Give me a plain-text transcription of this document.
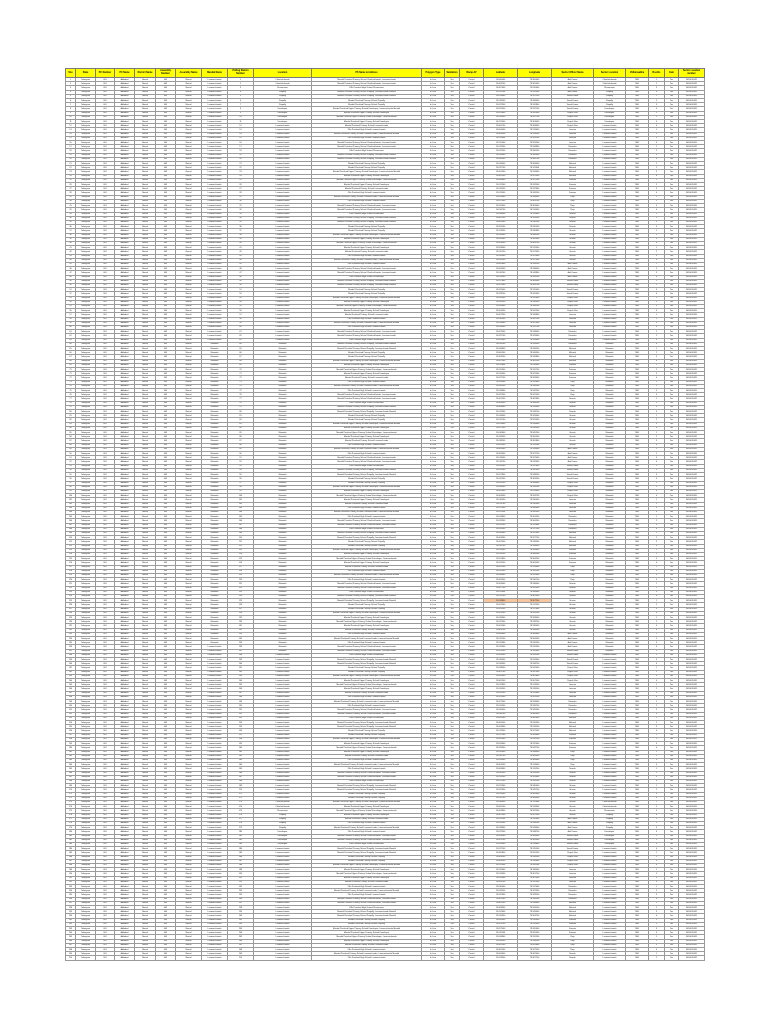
Sno	State	PC Number	PC Name	District Name	Assembly Number	Assembly Name	Mandal Name	Polling Station Number	Location	PS Name & Address	Polygon Type	Sanitation	Ramp AV	Latitude	Longitude	Sector Officer Name	Sector Location	Vidhansabha	Booths	Cam	Sector Location number
1	Telangana	001	Adilabad	Nirmal	003	Nirmal	Laxmanchanda	1	Chinthalchanda	Mandal Parishad Primary School Chinthalchanda, Laxmanchanda	In Line	Yes	Partial	19.000000	78.300000	Anil Kumar	Chinthalchanda	7601	1	Yes	9490619431
2	Telangana	001	Adilabad	Nirmal	003	Nirmal	Laxmanchanda	2	Chinthalchanda	Mandal Parishad Primary School Chinthalchanda, Laxmanchanda	In Line	Yes	Partial	19.003700	78.305300	Anil Kumar	Chinthalchanda	7601	2	Yes	9490619431
3	Telangana	001	Adilabad	Nirmal	003	Nirmal	Laxmanchanda	3	Dharmaram	Zilla Parishad High School Dharmaram	In Line	Yes	Partial	19.007400	78.310600	Anil Kumar	Dharmaram	7601	3	Yes	9490619431
4	Telangana	001	Adilabad	Nirmal	003	Nirmal	Laxmanchanda	4	Potpally	Mandal Parishad Primary School Potpally, Laxmanchanda Mandal	In Line	Yes	Partial	19.011100	78.315900	Anil Kumar	Potpally	7601	4	Yes	9490619431
5	Telangana	001	Adilabad	Nirmal	003	Nirmal	Laxmanchanda	5	Potpally	Mandal Parishad Primary School Potpally, Laxmanchanda Mandal	In Line	Yes	Partial	19.014800	78.321200	Vinod Kumar	Potpally	7601	1	Yes	9490619431
6	Telangana	001	Adilabad	Nirmal	003	Nirmal	Laxmanchanda	6	Potpally	Mandal Parishad Primary School Potpally	In Line	Yes	Partial	19.018500	78.326500	Vinod Kumar	Potpally	7601	2	Yes	9490619431
7	Telangana	001	Adilabad	Nirmal	003	Nirmal	Laxmanchanda	7	Potpally	Mandal Parishad Primary School Potpally	In Line	Yes	Partial	19.022200	78.331800	Vinod Kumar	Potpally	7601	3	Yes	9490619431
8	Telangana	001	Adilabad	Nirmal	003	Nirmal	Laxmanchanda	8	Kanakapur	Mandal Parishad Upper Primary School Kanakapur, Laxmanchanda Mandal	In Line	Yes	Partial	19.025900	78.337100	Vinod Kumar	Kanakapur	7601	4	Yes	9490619431
9	Telangana	001	Adilabad	Nirmal	003	Nirmal	Laxmanchanda	9	Kanakapur	Mandal Parishad Upper Primary School Kanakapur	In Line	Yes	Partial	19.029600	78.342400	Rajesh Rao	Kanakapur	7601	1	Yes	9490619431
10	Telangana	001	Adilabad	Nirmal	003	Nirmal	Laxmanchanda	10	Kanakapur	Mandal Parishad Upper Primary School Kanakapur, Laxmanchanda	In Line	Yes	Partial	19.033300	78.347700	Rajesh Rao	Kanakapur	7601	2	Yes	9490619431
11	Telangana	001	Adilabad	Nirmal	003	Nirmal	Laxmanchanda	11	Kanakapur	Mandal Parishad Upper Primary School Kanakapur	In Line	Yes	Partial	19.037000	78.303000	Rajesh Rao	Kanakapur	7601	3	Yes	9490619431
12	Telangana	001	Adilabad	Nirmal	003	Nirmal	Laxmanchanda	12	Laxmanchanda	Mandal Parishad Primary School Laxmanchanda	In Line	Yes	Partial	19.000700	78.308300	Rajesh Rao	Laxmanchanda	7601	4	Yes	9490619431
13	Telangana	001	Adilabad	Nirmal	003	Nirmal	Laxmanchanda	13	Laxmanchanda	Zilla Parishad High School Laxmanchanda	In Line	Yes	Partial	19.004400	78.313600	Laxman	Laxmanchanda	7601	1	Yes	9490619431
14	Telangana	001	Adilabad	Nirmal	003	Nirmal	Laxmanchanda	14	Laxmanchanda	Mandal Parishad Primary School Laxmanchanda, Laxmanchanda Mandal	In Line	Yes	Partial	19.008100	78.318900	Laxman	Laxmanchanda	7601	2	Yes	9490619431
15	Telangana	001	Adilabad	Nirmal	003	Nirmal	Laxmanchanda	15	Laxmanchanda	Zilla Parishad High School Laxmanchanda	In Line	Yes	Partial	19.011800	78.324200	Laxman	Laxmanchanda	7601	3	Yes	9490619431
16	Telangana	001	Adilabad	Nirmal	003	Nirmal	Laxmanchanda	16	Laxmanchanda	Mandal Parishad Primary School Chinthalchanda, Laxmanchanda	In Line	Yes	Partial	19.015500	78.329500	Laxman	Laxmanchanda	7601	4	Yes	9490619431
17	Telangana	001	Adilabad	Nirmal	003	Nirmal	Laxmanchanda	17	Laxmanchanda	Mandal Parishad Primary School Chinthalchanda, Laxmanchanda	In Line	Yes	Partial	19.019200	78.334800	Ravinder	Laxmanchanda	7601	1	Yes	9490619431
18	Telangana	001	Adilabad	Nirmal	003	Nirmal	Laxmanchanda	18	Laxmanchanda	Zilla Parishad High School Dharmaram	In Line	Yes	Partial	19.022900	78.340100	Ravinder	Laxmanchanda	7601	2	Yes	9490619431
19	Telangana	001	Adilabad	Nirmal	003	Nirmal	Laxmanchanda	19	Laxmanchanda	Mandal Parishad Primary School Potpally, Laxmanchanda Mandal	In Line	Yes	Partial	19.026600	78.345400	Ravinder	Laxmanchanda	7601	3	Yes	9490619431
20	Telangana	001	Adilabad	Nirmal	003	Nirmal	Laxmanchanda	20	Laxmanchanda	Mandal Parishad Primary School Potpally, Laxmanchanda Mandal	In Line	Yes	Partial	19.030300	78.300700	Ravinder	Laxmanchanda	7601	4	Yes	9490619431
21	Telangana	001	Adilabad	Nirmal	003	Nirmal	Laxmanchanda	21	Laxmanchanda	Mandal Parishad Primary School Potpally	In Line	Yes	Partial	19.034000	78.306000	Mahesh	Laxmanchanda	7601	1	Yes	9490619431
22	Telangana	001	Adilabad	Nirmal	003	Nirmal	Laxmanchanda	22	Laxmanchanda	Mandal Parishad Primary School Potpally	In Line	Yes	Partial	19.037700	78.311300	Mahesh	Laxmanchanda	7601	2	Yes	9490619431
23	Telangana	001	Adilabad	Nirmal	003	Nirmal	Laxmanchanda	23	Laxmanchanda	Mandal Parishad Upper Primary School Kanakapur, Laxmanchanda Mandal	In Line	Yes	Partial	19.001400	78.316600	Mahesh	Laxmanchanda	7601	3	Yes	9490619431
24	Telangana	001	Adilabad	Nirmal	003	Nirmal	Laxmanchanda	24	Laxmanchanda	Mandal Parishad Upper Primary School Kanakapur	In Line	Yes	Partial	19.005100	78.321900	Mahesh	Laxmanchanda	7601	4	Yes	9490619431
25	Telangana	001	Adilabad	Nirmal	003	Nirmal	Laxmanchanda	25	Laxmanchanda	Mandal Parishad Upper Primary School Kanakapur, Laxmanchanda	In Line	Yes	Partial	19.008800	78.327200	Srinivas	Laxmanchanda	7601	1	Yes	9490619431
26	Telangana	001	Adilabad	Nirmal	003	Nirmal	Laxmanchanda	26	Laxmanchanda	Mandal Parishad Upper Primary School Kanakapur	In Line	Yes	Partial	19.012500	78.332500	Srinivas	Laxmanchanda	7601	2	Yes	9490619431
27	Telangana	001	Adilabad	Nirmal	003	Nirmal	Laxmanchanda	27	Laxmanchanda	Mandal Parishad Primary School Laxmanchanda	In Line	Yes	Partial	19.016200	78.337800	Srinivas	Laxmanchanda	7601	3	Yes	9490619431
28	Telangana	001	Adilabad	Nirmal	003	Nirmal	Laxmanchanda	28	Laxmanchanda	Zilla Parishad High School Laxmanchanda	In Line	Yes	Partial	19.019900	78.343100	Srinivas	Laxmanchanda	7601	4	Yes	9490619431
29	Telangana	001	Adilabad	Nirmal	003	Nirmal	Laxmanchanda	29	Laxmanchanda	Mandal Parishad Primary School Laxmanchanda, Laxmanchanda Mandal	In Line	Yes	Partial	19.023600	78.348400	Raju	Laxmanchanda	7601	1	Yes	9490619431
30	Telangana	001	Adilabad	Nirmal	003	Nirmal	Laxmanchanda	30	Laxmanchanda	Zilla Parishad High School Laxmanchanda	In Line	Yes	Partial	19.027300	78.303700	Raju	Laxmanchanda	7601	2	Yes	9490619431
31	Telangana	001	Adilabad	Nirmal	003	Nirmal	Laxmanchanda	31	Laxmanchanda	Mandal Parishad Primary School Chinthalchanda, Laxmanchanda	In Line	Yes	Partial	19.031000	78.309000	Raju	Laxmanchanda	7601	3	Yes	9490619431
32	Telangana	001	Adilabad	Nirmal	003	Nirmal	Laxmanchanda	32	Laxmanchanda	Mandal Parishad Primary School Chinthalchanda, Laxmanchanda	In Line	Yes	Partial	19.034700	78.314300	Raju	Laxmanchanda	7601	4	Yes	9490619431
33	Telangana	001	Adilabad	Nirmal	003	Nirmal	Laxmanchanda	33	Laxmanchanda	Zilla Parishad High School Dharmaram	In Line	Yes	Partial	19.038400	78.319600	Naresh	Laxmanchanda	7601	1	Yes	9490619431
34	Telangana	001	Adilabad	Nirmal	003	Nirmal	Laxmanchanda	34	Laxmanchanda	Mandal Parishad Primary School Potpally, Laxmanchanda Mandal	In Line	Yes	Partial	19.002100	78.324900	Naresh	Laxmanchanda	7601	2	Yes	9490619431
35	Telangana	001	Adilabad	Nirmal	003	Nirmal	Laxmanchanda	35	Laxmanchanda	Mandal Parishad Primary School Potpally, Laxmanchanda Mandal	In Line	Yes	Partial	19.005800	78.330200	Naresh	Laxmanchanda	7601	3	Yes	9490619431
36	Telangana	001	Adilabad	Nirmal	003	Nirmal	Laxmanchanda	36	Laxmanchanda	Mandal Parishad Primary School Potpally	In Line	Yes	Partial	19.009500	78.335500	Naresh	Laxmanchanda	7601	4	Yes	9490619431
37	Telangana	001	Adilabad	Nirmal	003	Nirmal	Laxmanchanda	37	Laxmanchanda	Mandal Parishad Primary School Potpally	In Line	Yes	Partial	19.013200	78.340800	Sravan	Laxmanchanda	7601	1	Yes	9490619431
38	Telangana	001	Adilabad	Nirmal	003	Nirmal	Laxmanchanda	38	Laxmanchanda	Mandal Parishad Upper Primary School Kanakapur, Laxmanchanda Mandal	In Line	Yes	Partial	19.016900	78.346100	Sravan	Laxmanchanda	7601	2	Yes	9490619431
39	Telangana	001	Adilabad	Nirmal	003	Nirmal	Laxmanchanda	39	Laxmanchanda	Mandal Parishad Upper Primary School Kanakapur	In Line	Yes	Partial	19.020600	78.301400	Sravan	Laxmanchanda	7601	3	Yes	9490619431
40	Telangana	001	Adilabad	Nirmal	003	Nirmal	Laxmanchanda	40	Laxmanchanda	Mandal Parishad Upper Primary School Kanakapur, Laxmanchanda	In Line	Yes	Partial	19.024300	78.306700	Sravan	Laxmanchanda	7601	4	Yes	9490619431
41	Telangana	001	Adilabad	Nirmal	003	Nirmal	Laxmanchanda	41	Laxmanchanda	Mandal Parishad Upper Primary School Kanakapur	In Line	Yes	Partial	19.028000	78.312000	Suresh	Laxmanchanda	7601	1	Yes	9490619431
42	Telangana	001	Adilabad	Nirmal	003	Nirmal	Laxmanchanda	42	Laxmanchanda	Mandal Parishad Primary School Laxmanchanda	In Line	Yes	Partial	19.031700	78.317300	Suresh	Laxmanchanda	7601	2	Yes	9490619431
43	Telangana	001	Adilabad	Nirmal	003	Nirmal	Laxmanchanda	43	Laxmanchanda	Zilla Parishad High School Laxmanchanda	In Line	Yes	Partial	19.035400	78.322600	Suresh	Laxmanchanda	7601	3	Yes	9490619431
44	Telangana	001	Adilabad	Nirmal	003	Nirmal	Laxmanchanda	44	Laxmanchanda	Mandal Parishad Primary School Laxmanchanda, Laxmanchanda Mandal	In Line	Yes	Partial	19.039100	78.327900	Suresh	Laxmanchanda	7601	4	Yes	9490619431
45	Telangana	001	Adilabad	Nirmal	003	Nirmal	Laxmanchanda	45	Laxmanchanda	Zilla Parishad High School Laxmanchanda	In Line	Yes	Partial	19.002800	78.333200	Anil Kumar	Laxmanchanda	7601	1	Yes	9490619431
46	Telangana	001	Adilabad	Nirmal	003	Nirmal	Laxmanchanda	46	Laxmanchanda	Mandal Parishad Primary School Chinthalchanda, Laxmanchanda	In Line	Yes	Partial	19.006500	78.338500	Anil Kumar	Laxmanchanda	7601	2	Yes	9490619431
47	Telangana	001	Adilabad	Nirmal	003	Nirmal	Laxmanchanda	47	Laxmanchanda	Mandal Parishad Primary School Chinthalchanda, Laxmanchanda	In Line	Yes	Partial	19.010200	78.343800	Anil Kumar	Laxmanchanda	7601	3	Yes	9490619431
48	Telangana	001	Adilabad	Nirmal	003	Nirmal	Laxmanchanda	48	Laxmanchanda	Zilla Parishad High School Dharmaram	In Line	Yes	Partial	19.013900	78.349100	Anil Kumar	Laxmanchanda	7601	4	Yes	9490619431
49	Telangana	001	Adilabad	Nirmal	003	Nirmal	Laxmanchanda	49	Laxmanchanda	Mandal Parishad Primary School Potpally, Laxmanchanda Mandal	In Line	Yes	Partial	19.017600	78.304400	Vinod Kumar	Laxmanchanda	7601	1	Yes	9490619431
50	Telangana	001	Adilabad	Nirmal	003	Nirmal	Laxmanchanda	50	Laxmanchanda	Mandal Parishad Primary School Potpally, Laxmanchanda Mandal	In Line	Yes	Partial	19.021300	78.309700	Vinod Kumar	Laxmanchanda	7601	2	Yes	9490619431
51	Telangana	001	Adilabad	Nirmal	003	Nirmal	Laxmanchanda	51	Laxmanchanda	Mandal Parishad Primary School Potpally	In Line	Yes	Partial	19.025000	78.315000	Vinod Kumar	Laxmanchanda	7601	3	Yes	9490619431
52	Telangana	001	Adilabad	Nirmal	003	Nirmal	Laxmanchanda	52	Laxmanchanda	Mandal Parishad Primary School Potpally	In Line	Yes	Partial	19.028700	78.320300	Vinod Kumar	Laxmanchanda	7601	4	Yes	9490619431
53	Telangana	001	Adilabad	Nirmal	003	Nirmal	Laxmanchanda	53	Laxmanchanda	Mandal Parishad Upper Primary School Kanakapur, Laxmanchanda Mandal	In Line	Yes	Partial	19.032400	78.325600	Rajesh Rao	Laxmanchanda	7601	1	Yes	9490619431
54	Telangana	001	Adilabad	Nirmal	003	Nirmal	Laxmanchanda	54	Laxmanchanda	Mandal Parishad Upper Primary School Kanakapur	In Line	Yes	Partial	19.036100	78.330900	Rajesh Rao	Laxmanchanda	7601	2	Yes	9490619431
55	Telangana	001	Adilabad	Nirmal	003	Nirmal	Laxmanchanda	55	Laxmanchanda	Mandal Parishad Upper Primary School Kanakapur, Laxmanchanda	In Line	Yes	Partial	19.039800	78.336200	Rajesh Rao	Laxmanchanda	7601	3	Yes	9490619431
56	Telangana	001	Adilabad	Nirmal	003	Nirmal	Laxmanchanda	56	Laxmanchanda	Mandal Parishad Upper Primary School Kanakapur	In Line	Yes	Partial	19.003500	78.341500	Rajesh Rao	Laxmanchanda	7601	4	Yes	9490619431
57	Telangana	001	Adilabad	Nirmal	003	Nirmal	Laxmanchanda	57	Laxmanchanda	Mandal Parishad Primary School Laxmanchanda	In Line	Yes	Partial	19.007200	78.346800	Laxman	Laxmanchanda	7601	1	Yes	9490619431
58	Telangana	001	Adilabad	Nirmal	003	Nirmal	Laxmanchanda	58	Laxmanchanda	Zilla Parishad High School Laxmanchanda	In Line	Yes	Partial	19.010900	78.302100	Laxman	Laxmanchanda	7601	2	Yes	9490619431
59	Telangana	001	Adilabad	Nirmal	003	Nirmal	Laxmanchanda	59	Laxmanchanda	Mandal Parishad Primary School Laxmanchanda, Laxmanchanda Mandal	In Line	Yes	Partial	19.014600	78.307400	Laxman	Laxmanchanda	7601	3	Yes	9490619431
60	Telangana	001	Adilabad	Nirmal	003	Nirmal	Laxmanchanda	60	Laxmanchanda	Zilla Parishad High School Laxmanchanda	In Line	Yes	Partial	19.018300	78.312700	Laxman	Laxmanchanda	7601	4	Yes	9490619431
61	Telangana	001	Adilabad	Nirmal	003	Nirmal	Laxmanchanda	61	Laxmanchanda	Mandal Parishad Primary School Chinthalchanda, Laxmanchanda	In Line	Yes	Partial	19.022000	78.318000	Ravinder	Laxmanchanda	7601	1	Yes	9490619431
62	Telangana	001	Adilabad	Nirmal	003	Nirmal	Laxmanchanda	62	Laxmanchanda	Mandal Parishad Primary School Chinthalchanda, Laxmanchanda	In Line	Yes	Partial	19.025700	78.323300	Ravinder	Laxmanchanda	7601	2	Yes	9490619431
63	Telangana	001	Adilabad	Nirmal	003	Nirmal	Laxmanchanda	63	Laxmanchanda	Zilla Parishad High School Dharmaram	In Line	Yes	Partial	19.029400	78.328600	Ravinder	Laxmanchanda	7601	3	Yes	9490619431
64	Telangana	001	Adilabad	Nirmal	003	Nirmal	Mamada	64	Mamada	Mandal Parishad Primary School Potpally, Laxmanchanda Mandal	In Line	Yes	Partial	19.033100	78.333900	Ravinder	Mamada	7601	4	Yes	9490619431
65	Telangana	001	Adilabad	Nirmal	003	Nirmal	Mamada	65	Mamada	Mandal Parishad Primary School Potpally, Laxmanchanda Mandal	In Line	Yes	Partial	19.036800	78.339200	Mahesh	Mamada	7601	1	Yes	9490619431
66	Telangana	001	Adilabad	Nirmal	003	Nirmal	Mamada	66	Mamada	Mandal Parishad Primary School Potpally	In Line	Yes	Partial	19.000500	78.344500	Mahesh	Mamada	7601	2	Yes	9490619431
67	Telangana	001	Adilabad	Nirmal	003	Nirmal	Mamada	67	Mamada	Mandal Parishad Primary School Potpally	In Line	Yes	Partial	19.004200	78.349800	Mahesh	Mamada	7601	3	Yes	9490619431
68	Telangana	001	Adilabad	Nirmal	003	Nirmal	Mamada	68	Mamada	Mandal Parishad Upper Primary School Kanakapur, Laxmanchanda Mandal	In Line	Yes	Partial	19.007900	78.305100	Mahesh	Mamada	7601	4	Yes	9490619431
69	Telangana	001	Adilabad	Nirmal	003	Nirmal	Mamada	69	Mamada	Mandal Parishad Upper Primary School Kanakapur	In Line	Yes	Partial	19.011600	78.310400	Srinivas	Mamada	7601	1	Yes	9490619431
70	Telangana	001	Adilabad	Nirmal	003	Nirmal	Mamada	70	Mamada	Mandal Parishad Upper Primary School Kanakapur, Laxmanchanda	In Line	Yes	Partial	19.015300	78.315700	Srinivas	Mamada	7601	2	Yes	9490619431
71	Telangana	001	Adilabad	Nirmal	003	Nirmal	Mamada	71	Mamada	Mandal Parishad Upper Primary School Kanakapur	In Line	Yes	Partial	19.019000	78.321000	Srinivas	Mamada	7601	3	Yes	9490619431
72	Telangana	001	Adilabad	Nirmal	003	Nirmal	Mamada	72	Mamada	Mandal Parishad Primary School Laxmanchanda	In Line	Yes	Partial	19.022700	78.326300	Srinivas	Mamada	7601	4	Yes	9490619431
73	Telangana	001	Adilabad	Nirmal	003	Nirmal	Mamada	73	Mamada	Zilla Parishad High School Laxmanchanda	In Line	Yes	Partial	19.026400	78.331600	Raju	Mamada	7601	1	Yes	9490619431
74	Telangana	001	Adilabad	Nirmal	003	Nirmal	Mamada	74	Mamada	Mandal Parishad Primary School Laxmanchanda, Laxmanchanda Mandal	In Line	Yes	Partial	19.030100	78.336900	Raju	Mamada	7601	2	Yes	9490619431
75	Telangana	001	Adilabad	Nirmal	003	Nirmal	Mamada	75	Mamada	Zilla Parishad High School Laxmanchanda	In Line	Yes	Partial	19.033800	78.342200	Raju	Mamada	7601	3	Yes	9490619431
76	Telangana	001	Adilabad	Nirmal	003	Nirmal	Mamada	76	Mamada	Mandal Parishad Primary School Chinthalchanda, Laxmanchanda	In Line	Yes	Partial	19.037500	78.347500	Raju	Mamada	7601	4	Yes	9490619431
77	Telangana	001	Adilabad	Nirmal	003	Nirmal	Mamada	77	Mamada	Mandal Parishad Primary School Chinthalchanda, Laxmanchanda	In Line	Yes	Partial	19.001200	78.302800	Naresh	Mamada	7601	1	Yes	9490619431
78	Telangana	001	Adilabad	Nirmal	003	Nirmal	Mamada	78	Mamada	Zilla Parishad High School Dharmaram	In Line	Yes	Partial	19.004900	78.308100	Naresh	Mamada	7601	2	Yes	9490619431
79	Telangana	001	Adilabad	Nirmal	003	Nirmal	Mamada	79	Mamada	Mandal Parishad Primary School Potpally, Laxmanchanda Mandal	In Line	Yes	Partial	19.008600	78.313400	Naresh	Mamada	7601	3	Yes	9490619431
80	Telangana	001	Adilabad	Nirmal	003	Nirmal	Mamada	80	Mamada	Mandal Parishad Primary School Potpally, Laxmanchanda Mandal	In Line	Yes	Partial	19.012300	78.318700	Naresh	Mamada	7601	4	Yes	9490619431
81	Telangana	001	Adilabad	Nirmal	003	Nirmal	Mamada	81	Mamada	Mandal Parishad Primary School Potpally	In Line	Yes	Partial	19.016000	78.324000	Sravan	Mamada	7601	1	Yes	9490619431
82	Telangana	001	Adilabad	Nirmal	003	Nirmal	Mamada	82	Mamada	Mandal Parishad Primary School Potpally	In Line	Yes	Partial	19.019700	78.329300	Sravan	Mamada	7601	2	Yes	9490619431
83	Telangana	001	Adilabad	Nirmal	003	Nirmal	Mamada	83	Mamada	Mandal Parishad Upper Primary School Kanakapur, Laxmanchanda Mandal	In Line	Yes	Partial	19.023400	78.334600	Sravan	Mamada	7601	3	Yes	9490619431
84	Telangana	001	Adilabad	Nirmal	003	Nirmal	Mamada	84	Mamada	Mandal Parishad Upper Primary School Kanakapur	In Line	Yes	Partial	19.027100	78.339900	Sravan	Mamada	7601	4	Yes	9490619431
85	Telangana	001	Adilabad	Nirmal	003	Nirmal	Mamada	85	Mamada	Mandal Parishad Upper Primary School Kanakapur, Laxmanchanda	In Line	Yes	Partial	19.030800	78.345200	Suresh	Mamada	7601	1	Yes	9490619431
86	Telangana	001	Adilabad	Nirmal	003	Nirmal	Mamada	86	Mamada	Mandal Parishad Upper Primary School Kanakapur	In Line	Yes	Partial	19.034500	78.300500	Suresh	Mamada	7601	2	Yes	9490619431
87	Telangana	001	Adilabad	Nirmal	003	Nirmal	Mamada	87	Mamada	Mandal Parishad Primary School Laxmanchanda	In Line	Yes	Partial	19.038200	78.305800	Suresh	Mamada	7601	3	Yes	9490619431
88	Telangana	001	Adilabad	Nirmal	003	Nirmal	Mamada	88	Mamada	Zilla Parishad High School Laxmanchanda	In Line	Yes	Partial	19.001900	78.311100	Suresh	Mamada	7601	4	Yes	9490619431
89	Telangana	001	Adilabad	Nirmal	003	Nirmal	Mamada	89	Mamada	Mandal Parishad Primary School Laxmanchanda, Laxmanchanda Mandal	In Line	Yes	Partial	19.005600	78.316400	Anil Kumar	Mamada	7601	1	Yes	9490619431
90	Telangana	001	Adilabad	Nirmal	003	Nirmal	Mamada	90	Mamada	Zilla Parishad High School Laxmanchanda	In Line	Yes	Partial	19.009300	78.321700	Anil Kumar	Mamada	7601	2	Yes	9490619431
91	Telangana	001	Adilabad	Nirmal	003	Nirmal	Mamada	91	Mamada	Mandal Parishad Primary School Chinthalchanda, Laxmanchanda	In Line	Yes	Partial	19.013000	78.327000	Anil Kumar	Mamada	7601	3	Yes	9490619431
92	Telangana	001	Adilabad	Nirmal	003	Nirmal	Mamada	92	Mamada	Mandal Parishad Primary School Chinthalchanda, Laxmanchanda	In Line	Yes	Partial	19.016700	78.332300	Anil Kumar	Mamada	7601	4	Yes	9490619431
93	Telangana	001	Adilabad	Nirmal	003	Nirmal	Mamada	93	Mamada	Zilla Parishad High School Dharmaram	In Line	Yes	Partial	19.020400	78.337600	Vinod Kumar	Mamada	7601	1	Yes	9490619431
94	Telangana	001	Adilabad	Nirmal	003	Nirmal	Mamada	94	Mamada	Mandal Parishad Primary School Potpally, Laxmanchanda Mandal	In Line	Yes	Partial	19.024100	78.342900	Vinod Kumar	Mamada	7601	2	Yes	9490619431
95	Telangana	001	Adilabad	Nirmal	003	Nirmal	Mamada	95	Mamada	Mandal Parishad Primary School Potpally, Laxmanchanda Mandal	In Line	Yes	Partial	19.027800	78.348200	Vinod Kumar	Mamada	7601	3	Yes	9490619431
96	Telangana	001	Adilabad	Nirmal	003	Nirmal	Mamada	96	Mamada	Mandal Parishad Primary School Potpally	In Line	Yes	Partial	19.031500	78.303500	Vinod Kumar	Mamada	7601	4	Yes	9490619431
97	Telangana	001	Adilabad	Nirmal	003	Nirmal	Mamada	97	Mamada	Mandal Parishad Primary School Potpally	In Line	Yes	Partial	19.035200	78.308800	Rajesh Rao	Mamada	7601	1	Yes	9490619431
98	Telangana	001	Adilabad	Nirmal	003	Nirmal	Mamada	98	Mamada	Mandal Parishad Upper Primary School Kanakapur, Laxmanchanda Mandal	In Line	Yes	Partial	19.038900	78.314100	Rajesh Rao	Mamada	7601	2	Yes	9490619431
99	Telangana	001	Adilabad	Nirmal	003	Nirmal	Mamada	99	Mamada	Mandal Parishad Upper Primary School Kanakapur	In Line	Yes	Partial	19.002600	78.319400	Rajesh Rao	Mamada	7601	3	Yes	9490619431
100	Telangana	001	Adilabad	Nirmal	003	Nirmal	Mamada	100	Mamada	Mandal Parishad Upper Primary School Kanakapur, Laxmanchanda	In Line	Yes	Partial	19.006300	78.324700	Rajesh Rao	Mamada	7601	4	Yes	9490619431
101	Telangana	001	Adilabad	Nirmal	003	Nirmal	Mamada	101	Mamada	Mandal Parishad Upper Primary School Kanakapur	In Line	Yes	Partial	19.010000	78.330000	Laxman	Mamada	7601	1	Yes	9490619431
102	Telangana	001	Adilabad	Nirmal	003	Nirmal	Mamada	102	Mamada	Mandal Parishad Primary School Laxmanchanda	In Line	Yes	Partial	19.013700	78.335300	Laxman	Mamada	7601	2	Yes	9490619431
103	Telangana	001	Adilabad	Nirmal	003	Nirmal	Mamada	103	Mamada	Zilla Parishad High School Laxmanchanda	In Line	Yes	Partial	19.017400	78.340600	Laxman	Mamada	7601	3	Yes	9490619431
104	Telangana	001	Adilabad	Nirmal	003	Nirmal	Mamada	104	Mamada	Mandal Parishad Primary School Laxmanchanda, Laxmanchanda Mandal	In Line	Yes	Partial	19.021100	78.345900	Laxman	Mamada	7601	4	Yes	9490619431
105	Telangana	001	Adilabad	Nirmal	003	Nirmal	Mamada	105	Mamada	Zilla Parishad High School Laxmanchanda	In Line	Yes	Partial	19.024800	78.301200	Ravinder	Mamada	7601	1	Yes	9490619431
106	Telangana	001	Adilabad	Nirmal	003	Nirmal	Mamada	106	Mamada	Mandal Parishad Primary School Chinthalchanda, Laxmanchanda	In Line	Yes	Partial	19.028500	78.306500	Ravinder	Mamada	7601	2	Yes	9490619431
107	Telangana	001	Adilabad	Nirmal	003	Nirmal	Mamada	107	Mamada	Mandal Parishad Primary School Chinthalchanda, Laxmanchanda	In Line	Yes	Partial	19.032200	78.311800	Ravinder	Mamada	7601	3	Yes	9490619431
108	Telangana	001	Adilabad	Nirmal	003	Nirmal	Mamada	108	Mamada	Zilla Parishad High School Dharmaram	In Line	Yes	Partial	19.035900	78.317100	Ravinder	Mamada	7601	4	Yes	9490619431
109	Telangana	001	Adilabad	Nirmal	003	Nirmal	Mamada	109	Mamada	Mandal Parishad Primary School Potpally, Laxmanchanda Mandal	In Line	Yes	Partial	19.039600	78.322400	Mahesh	Mamada	7601	1	Yes	9490619431
110	Telangana	001	Adilabad	Nirmal	003	Nirmal	Mamada	110	Mamada	Mandal Parishad Primary School Potpally, Laxmanchanda Mandal	In Line	Yes	Partial	19.003300	78.327700	Mahesh	Mamada	7601	2	Yes	9490619431
111	Telangana	001	Adilabad	Nirmal	003	Nirmal	Mamada	111	Mamada	Mandal Parishad Primary School Potpally	In Line	Yes	Partial	19.007000	78.333000	Mahesh	Mamada	7601	3	Yes	9490619431
112	Telangana	001	Adilabad	Nirmal	003	Nirmal	Mamada	112	Mamada	Mandal Parishad Primary School Potpally	In Line	Yes	Partial	19.010700	78.338300	Mahesh	Mamada	7601	4	Yes	9490619431
113	Telangana	001	Adilabad	Nirmal	003	Nirmal	Mamada	113	Mamada	Mandal Parishad Upper Primary School Kanakapur, Laxmanchanda Mandal	In Line	Yes	Partial	19.014400	78.343600	Srinivas	Mamada	7601	1	Yes	9490619431
114	Telangana	001	Adilabad	Nirmal	003	Nirmal	Mamada	114	Mamada	Mandal Parishad Upper Primary School Kanakapur	In Line	Yes	Partial	19.018100	78.348900	Srinivas	Mamada	7601	2	Yes	9490619431
115	Telangana	001	Adilabad	Nirmal	003	Nirmal	Mamada	115	Mamada	Mandal Parishad Upper Primary School Kanakapur, Laxmanchanda	In Line	Yes	Partial	19.021800	78.304200	Srinivas	Mamada	7601	3	Yes	9490619431
116	Telangana	001	Adilabad	Nirmal	003	Nirmal	Mamada	116	Mamada	Mandal Parishad Upper Primary School Kanakapur	In Line	Yes	Partial	19.025500	78.309500	Srinivas	Mamada	7601	4	Yes	9490619431
117	Telangana	001	Adilabad	Nirmal	003	Nirmal	Mamada	117	Mamada	Mandal Parishad Primary School Laxmanchanda	In Line	Yes	Partial	19.029200	78.314800	Raju	Mamada	7601	1	Yes	9490619431
118	Telangana	001	Adilabad	Nirmal	003	Nirmal	Mamada	118	Mamada	Zilla Parishad High School Laxmanchanda	In Line	Yes	Partial	19.032900	78.320100	Raju	Mamada	7601	2	Yes	9490619431
119	Telangana	001	Adilabad	Nirmal	003	Nirmal	Mamada	119	Mamada	Mandal Parishad Primary School Laxmanchanda, Laxmanchanda Mandal	In Line	Yes	Partial	19.036600	78.325400	Raju	Mamada	7601	3	Yes	9490619431
120	Telangana	001	Adilabad	Nirmal	003	Nirmal	Mamada	120	Mamada	Zilla Parishad High School Laxmanchanda	In Line	Yes	Partial	19.000300	78.330700	Raju	Mamada	7601	4	Yes	9490619431
121	Telangana	001	Adilabad	Nirmal	003	Nirmal	Mamada	121	Mamada	Mandal Parishad Primary School Chinthalchanda, Laxmanchanda	In Line	Yes	Partial	19.004000	78.336000	Naresh	Mamada	7601	1	Yes	9490619431
122	Telangana	001	Adilabad	Nirmal	003	Nirmal	Mamada	122	Mamada	Mandal Parishad Primary School Chinthalchanda, Laxmanchanda	In Line	Yes	Partial	19.007700	78.341300	Naresh	Mamada	7601	2	Yes	9490619431
123	Telangana	001	Adilabad	Nirmal	003	Nirmal	Mamada	123	Mamada	Zilla Parishad High School Dharmaram	In Line	Yes	Partial	19.011400	78.346600	Naresh	Mamada	7601	3	Yes	9490619431
124	Telangana	001	Adilabad	Nirmal	003	Nirmal	Mamada	124	Mamada	Mandal Parishad Primary School Potpally, Laxmanchanda Mandal	In Line	Yes	Partial	19.015100	78.301900	Naresh	Mamada	7601	4	Yes	9490619431
125	Telangana	001	Adilabad	Nirmal	003	Nirmal	Mamada	125	Mamada	Mandal Parishad Primary School Potpally, Laxmanchanda Mandal	In Line	Yes	Partial	19.018800	78.307200	Sravan	Mamada	7601	1	Yes	9490619431
126	Telangana	001	Adilabad	Nirmal	003	Nirmal	Mamada	126	Mamada	Mandal Parishad Primary School Potpally	In Line	Yes	Partial	19.022500	78.312500	Sravan	Mamada	7601	2	Yes	9490619431
127	Telangana	001	Adilabad	Nirmal	003	Nirmal	Mamada	127	Mamada	Mandal Parishad Primary School Potpally	In Line	Yes	Partial	19.026200	78.317800	Sravan	Mamada	7601	3	Yes	9490619431
128	Telangana	001	Adilabad	Nirmal	003	Nirmal	Mamada	128	Mamada	Mandal Parishad Upper Primary School Kanakapur, Laxmanchanda Mandal	In Line	Yes	Partial	19.029900	78.323100	Sravan	Mamada	7601	4	Yes	9490619431
129	Telangana	001	Adilabad	Nirmal	003	Nirmal	Mamada	129	Mamada	Mandal Parishad Upper Primary School Kanakapur	In Line	Yes	Partial	19.033600	78.328400	Suresh	Mamada	7601	1	Yes	9490619431
130	Telangana	001	Adilabad	Nirmal	003	Nirmal	Mamada	130	Mamada	Mandal Parishad Upper Primary School Kanakapur, Laxmanchanda	In Line	Yes	Partial	19.037300	78.333700	Suresh	Mamada	7601	2	Yes	9490619431
131	Telangana	001	Adilabad	Nirmal	003	Nirmal	Mamada	131	Mamada	Mandal Parishad Upper Primary School Kanakapur	In Line	Yes	Partial	19.001000	78.339000	Suresh	Mamada	7601	3	Yes	9490619431
132	Telangana	001	Adilabad	Nirmal	003	Nirmal	Mamada	132	Mamada	Mandal Parishad Primary School Laxmanchanda	In Line	Yes	Partial	19.004700	78.344300	Suresh	Mamada	7601	4	Yes	9490619431
133	Telangana	001	Adilabad	Nirmal	003	Nirmal	Mamada	133	Mamada	Zilla Parishad High School Laxmanchanda	In Line	Yes	Partial	19.008400	78.349600	Anil Kumar	Mamada	7601	1	Yes	9490619431
134	Telangana	001	Adilabad	Nirmal	003	Nirmal	Mamada	134	Mamada	Mandal Parishad Primary School Laxmanchanda, Laxmanchanda Mandal	In Line	Yes	Partial	19.012100	78.304900	Anil Kumar	Mamada	7601	2	Yes	9490619431
135	Telangana	001	Adilabad	Nirmal	003	Nirmal	Mamada	135	Mamada	Zilla Parishad High School Laxmanchanda	In Line	Yes	Partial	19.015800	78.310200	Anil Kumar	Mamada	7601	3	Yes	9490619431
136	Telangana	001	Adilabad	Nirmal	003	Nirmal	Laxmanchanda	136	Mamada	Mandal Parishad Primary School Chinthalchanda, Laxmanchanda	In Line	Yes	Partial	19.019500	78.315500	Anil Kumar	Mamada	7601	4	Yes	9490619431
137	Telangana	001	Adilabad	Nirmal	003	Nirmal	Laxmanchanda	137	Mamada	Mandal Parishad Primary School Chinthalchanda, Laxmanchanda	In Line	Yes	Partial	19.023200	78.320800	Vinod Kumar	Mamada	7601	1	Yes	9490619431
138	Telangana	001	Adilabad	Nirmal	003	Nirmal	Laxmanchanda	138	Laxmanchanda	Zilla Parishad High School Dharmaram	In Line	Yes	Partial	19.026900	78.326100	Vinod Kumar	Laxmanchanda	7601	2	Yes	9490619431
139	Telangana	001	Adilabad	Nirmal	003	Nirmal	Laxmanchanda	139	Laxmanchanda	Mandal Parishad Primary School Potpally, Laxmanchanda Mandal	In Line	Yes	Partial	19.030600	78.331400	Vinod Kumar	Laxmanchanda	7601	3	Yes	9490619431
140	Telangana	001	Adilabad	Nirmal	003	Nirmal	Laxmanchanda	140	Laxmanchanda	Mandal Parishad Primary School Potpally, Laxmanchanda Mandal	In Line	Yes	Partial	19.034300	78.336700	Vinod Kumar	Laxmanchanda	7601	4	Yes	9490619431
141	Telangana	001	Adilabad	Nirmal	003	Nirmal	Laxmanchanda	141	Laxmanchanda	Mandal Parishad Primary School Potpally	In Line	Yes	Partial	19.038000	78.342000	Rajesh Rao	Laxmanchanda	7601	1	Yes	9490619431
142	Telangana	001	Adilabad	Nirmal	003	Nirmal	Laxmanchanda	142	Laxmanchanda	Mandal Parishad Primary School Potpally	In Line	Yes	Partial	19.001700	78.347300	Rajesh Rao	Laxmanchanda	7601	2	Yes	9490619431
143	Telangana	001	Adilabad	Nirmal	003	Nirmal	Laxmanchanda	143	Laxmanchanda	Mandal Parishad Upper Primary School Kanakapur, Laxmanchanda Mandal	In Line	Yes	Partial	19.005400	78.302600	Rajesh Rao	Laxmanchanda	7601	3	Yes	9490619431
144	Telangana	001	Adilabad	Nirmal	003	Nirmal	Laxmanchanda	144	Laxmanchanda	Mandal Parishad Upper Primary School Kanakapur	In Line	Yes	Partial	19.009100	78.307900	Rajesh Rao	Laxmanchanda	7601	4	Yes	9490619431
145	Telangana	001	Adilabad	Nirmal	003	Nirmal	Laxmanchanda	145	Laxmanchanda	Mandal Parishad Upper Primary School Kanakapur, Laxmanchanda	In Line	Yes	Partial	19.012800	78.313200	Laxman	Laxmanchanda	7601	1	Yes	9490619431
146	Telangana	001	Adilabad	Nirmal	003	Nirmal	Laxmanchanda	146	Laxmanchanda	Mandal Parishad Upper Primary School Kanakapur	In Line	Yes	Partial	19.016500	78.318500	Laxman	Laxmanchanda	7601	2	Yes	9490619431
147	Telangana	001	Adilabad	Nirmal	003	Nirmal	Laxmanchanda	147	Laxmanchanda	Mandal Parishad Primary School Laxmanchanda	In Line	Yes	Partial	19.020200	78.323800	Laxman	Laxmanchanda	7601	3	Yes	9490619431
148	Telangana	001	Adilabad	Nirmal	003	Nirmal	Laxmanchanda	148	Laxmanchanda	Zilla Parishad High School Laxmanchanda	In Line	Yes	Partial	19.023900	78.329100	Laxman	Laxmanchanda	7601	4	Yes	9490619431
149	Telangana	001	Adilabad	Nirmal	003	Nirmal	Laxmanchanda	149	Laxmanchanda	Mandal Parishad Primary School Laxmanchanda, Laxmanchanda Mandal	In Line	Yes	Partial	19.027600	78.334400	Ravinder	Laxmanchanda	7601	1	Yes	9490619431
150	Telangana	001	Adilabad	Nirmal	003	Nirmal	Laxmanchanda	150	Laxmanchanda	Zilla Parishad High School Laxmanchanda	In Line	Yes	Partial	19.031300	78.339700	Ravinder	Laxmanchanda	7601	2	Yes	9490619431
151	Telangana	001	Adilabad	Nirmal	003	Nirmal	Laxmanchanda	151	Laxmanchanda	Mandal Parishad Primary School Chinthalchanda, Laxmanchanda	In Line	Yes	Partial	19.035000	78.345000	Ravinder	Laxmanchanda	7601	3	Yes	9490619431
152	Telangana	001	Adilabad	Nirmal	003	Nirmal	Laxmanchanda	152	Laxmanchanda	Mandal Parishad Primary School Chinthalchanda, Laxmanchanda	In Line	Yes	Partial	19.038700	78.300300	Ravinder	Laxmanchanda	7601	4	Yes	9490619431
153	Telangana	001	Adilabad	Nirmal	003	Nirmal	Laxmanchanda	153	Laxmanchanda	Zilla Parishad High School Dharmaram	In Line	Yes	Partial	19.002400	78.305600	Mahesh	Laxmanchanda	7601	1	Yes	9490619431
154	Telangana	001	Adilabad	Nirmal	003	Nirmal	Laxmanchanda	154	Laxmanchanda	Mandal Parishad Primary School Potpally, Laxmanchanda Mandal	In Line	Yes	Partial	19.006100	78.310900	Mahesh	Laxmanchanda	7601	2	Yes	9490619431
155	Telangana	001	Adilabad	Nirmal	003	Nirmal	Laxmanchanda	155	Laxmanchanda	Mandal Parishad Primary School Potpally, Laxmanchanda Mandal	In Line	Yes	Partial	19.009800	78.316200	Mahesh	Laxmanchanda	7601	3	Yes	9490619431
156	Telangana	001	Adilabad	Nirmal	003	Nirmal	Laxmanchanda	156	Laxmanchanda	Mandal Parishad Primary School Potpally	In Line	Yes	Partial	19.013500	78.321500	Mahesh	Laxmanchanda	7601	4	Yes	9490619431
157	Telangana	001	Adilabad	Nirmal	003	Nirmal	Laxmanchanda	157	Laxmanchanda	Mandal Parishad Primary School Potpally	In Line	Yes	Partial	19.017200	78.326800	Srinivas	Laxmanchanda	7601	1	Yes	9490619431
158	Telangana	001	Adilabad	Nirmal	003	Nirmal	Laxmanchanda	158	Laxmanchanda	Mandal Parishad Upper Primary School Kanakapur, Laxmanchanda Mandal	In Line	Yes	Partial	19.020900	78.332100	Srinivas	Laxmanchanda	7601	2	Yes	9490619431
159	Telangana	001	Adilabad	Nirmal	003	Nirmal	Laxmanchanda	159	Laxmanchanda	Mandal Parishad Upper Primary School Kanakapur	In Line	Yes	Partial	19.024600	78.337400	Srinivas	Laxmanchanda	7601	3	Yes	9490619431
160	Telangana	001	Adilabad	Nirmal	003	Nirmal	Laxmanchanda	160	Laxmanchanda	Mandal Parishad Upper Primary School Kanakapur, Laxmanchanda	In Line	Yes	Partial	19.028300	78.342700	Srinivas	Laxmanchanda	7601	4	Yes	9490619431
161	Telangana	001	Adilabad	Nirmal	003	Nirmal	Laxmanchanda	161	Laxmanchanda	Mandal Parishad Upper Primary School Kanakapur	In Line	Yes	Partial	19.032000	78.348000	Raju	Laxmanchanda	7601	1	Yes	9490619431
162	Telangana	001	Adilabad	Nirmal	003	Nirmal	Laxmanchanda	162	Laxmanchanda	Mandal Parishad Primary School Laxmanchanda	In Line	Yes	Partial	19.035700	78.303300	Raju	Laxmanchanda	7601	2	Yes	9490619431
163	Telangana	001	Adilabad	Nirmal	003	Nirmal	Laxmanchanda	163	Laxmanchanda	Zilla Parishad High School Laxmanchanda	In Line	Yes	Partial	19.039400	78.308600	Raju	Laxmanchanda	7601	3	Yes	9490619431
164	Telangana	001	Adilabad	Nirmal	003	Nirmal	Laxmanchanda	164	Laxmanchanda	Mandal Parishad Primary School Laxmanchanda, Laxmanchanda Mandal	In Line	Yes	Partial	19.003100	78.313900	Raju	Laxmanchanda	7601	4	Yes	9490619431
165	Telangana	001	Adilabad	Nirmal	003	Nirmal	Laxmanchanda	165	Laxmanchanda	Zilla Parishad High School Laxmanchanda	In Line	Yes	Partial	19.006800	78.319200	Naresh	Laxmanchanda	7601	1	Yes	9490619431
166	Telangana	001	Adilabad	Nirmal	003	Nirmal	Laxmanchanda	166	Laxmanchanda	Mandal Parishad Primary School Chinthalchanda, Laxmanchanda	In Line	Yes	Partial	19.010500	78.324500	Naresh	Laxmanchanda	7601	2	Yes	9490619431
167	Telangana	001	Adilabad	Nirmal	003	Nirmal	Laxmanchanda	167	Laxmanchanda	Mandal Parishad Primary School Chinthalchanda, Laxmanchanda	In Line	Yes	Partial	19.014200	78.329800	Naresh	Laxmanchanda	7601	3	Yes	9490619431
168	Telangana	001	Adilabad	Nirmal	003	Nirmal	Laxmanchanda	168	Laxmanchanda	Zilla Parishad High School Dharmaram	In Line	Yes	Partial	19.017900	78.335100	Naresh	Laxmanchanda	7601	4	Yes	9490619431
169	Telangana	001	Adilabad	Nirmal	003	Nirmal	Laxmanchanda	169	Laxmanchanda	Mandal Parishad Primary School Potpally, Laxmanchanda Mandal	In Line	Yes	Partial	19.021600	78.340400	Sravan	Laxmanchanda	7601	1	Yes	9490619431
170	Telangana	001	Adilabad	Nirmal	003	Nirmal	Laxmanchanda	170	Laxmanchanda	Mandal Parishad Primary School Potpally, Laxmanchanda Mandal	In Line	Yes	Partial	19.025300	78.345700	Sravan	Laxmanchanda	7601	2	Yes	9490619431
171	Telangana	001	Adilabad	Nirmal	003	Nirmal	Laxmanchanda	171	Laxmanchanda	Mandal Parishad Primary School Potpally	In Line	Yes	Partial	19.029000	78.301000	Sravan	Laxmanchanda	7601	3	Yes	9490619431
172	Telangana	001	Adilabad	Nirmal	003	Nirmal	Laxmanchanda	172	Laxmanchanda	Mandal Parishad Primary School Potpally	In Line	Yes	Partial	19.032700	78.306300	Sravan	Laxmanchanda	7601	4	Yes	9490619431
173	Telangana	001	Adilabad	Nirmal	003	Nirmal	Laxmanchanda	173	Chinthalchanda	Mandal Parishad Upper Primary School Kanakapur, Laxmanchanda Mandal	In Line	Yes	Partial	19.036400	78.311600	Suresh	Chinthalchanda	7601	1	Yes	9490619431
174	Telangana	001	Adilabad	Nirmal	003	Nirmal	Laxmanchanda	174	Chinthalchanda	Mandal Parishad Upper Primary School Kanakapur	In Line	Yes	Partial	19.000100	78.316900	Suresh	Chinthalchanda	7601	2	Yes	9490619431
175	Telangana	001	Adilabad	Nirmal	003	Nirmal	Laxmanchanda	175	Dharmaram	Mandal Parishad Upper Primary School Kanakapur, Laxmanchanda	In Line	Yes	Partial	19.003800	78.322200	Suresh	Dharmaram	7601	3	Yes	9490619431
176	Telangana	001	Adilabad	Nirmal	003	Nirmal	Laxmanchanda	176	Potpally	Mandal Parishad Upper Primary School Kanakapur	In Line	Yes	Partial	19.007500	78.327500	Suresh	Potpally	7601	4	Yes	9490619431
177	Telangana	001	Adilabad	Nirmal	003	Nirmal	Laxmanchanda	177	Potpally	Mandal Parishad Primary School Laxmanchanda	In Line	Yes	Partial	19.011200	78.332800	Anil Kumar	Potpally	7601	1	Yes	9490619431
178	Telangana	001	Adilabad	Nirmal	003	Nirmal	Laxmanchanda	178	Potpally	Zilla Parishad High School Laxmanchanda	In Line	Yes	Partial	19.014900	78.338100	Anil Kumar	Potpally	7601	2	Yes	9490619431
179	Telangana	001	Adilabad	Nirmal	003	Nirmal	Laxmanchanda	179	Potpally	Mandal Parishad Primary School Laxmanchanda, Laxmanchanda Mandal	In Line	Yes	Partial	19.018600	78.343400	Anil Kumar	Potpally	7601	3	Yes	9490619431
180	Telangana	001	Adilabad	Nirmal	003	Nirmal	Laxmanchanda	180	Kanakapur	Zilla Parishad High School Laxmanchanda	In Line	Yes	Partial	19.022300	78.348700	Anil Kumar	Kanakapur	7601	4	Yes	9490619431
181	Telangana	001	Adilabad	Nirmal	003	Nirmal	Laxmanchanda	181	Kanakapur	Mandal Parishad Primary School Chinthalchanda, Laxmanchanda	In Line	Yes	Partial	19.026000	78.304000	Vinod Kumar	Kanakapur	7601	1	Yes	9490619431
182	Telangana	001	Adilabad	Nirmal	003	Nirmal	Laxmanchanda	182	Kanakapur	Mandal Parishad Primary School Chinthalchanda, Laxmanchanda	In Line	Yes	Partial	19.029700	78.309300	Vinod Kumar	Kanakapur	7601	2	Yes	9490619431
183	Telangana	001	Adilabad	Nirmal	003	Nirmal	Laxmanchanda	183	Kanakapur	Zilla Parishad High School Dharmaram	In Line	Yes	Partial	19.033400	78.314600	Vinod Kumar	Kanakapur	7601	3	Yes	9490619431
184	Telangana	001	Adilabad	Nirmal	003	Nirmal	Laxmanchanda	184	Laxmanchanda	Mandal Parishad Primary School Potpally, Laxmanchanda Mandal	In Line	Yes	Partial	19.037100	78.319900	Vinod Kumar	Laxmanchanda	7601	4	Yes	9490619431
185	Telangana	001	Adilabad	Nirmal	003	Nirmal	Laxmanchanda	185	Laxmanchanda	Mandal Parishad Primary School Potpally, Laxmanchanda Mandal	In Line	Yes	Partial	19.000800	78.325200	Rajesh Rao	Laxmanchanda	7601	1	Yes	9490619431
186	Telangana	001	Adilabad	Nirmal	003	Nirmal	Laxmanchanda	186	Laxmanchanda	Mandal Parishad Primary School Potpally	In Line	Yes	Partial	19.004500	78.330500	Rajesh Rao	Laxmanchanda	7601	2	Yes	9490619431
187	Telangana	001	Adilabad	Nirmal	003	Nirmal	Laxmanchanda	187	Laxmanchanda	Mandal Parishad Primary School Potpally	In Line	Yes	Partial	19.008200	78.335800	Rajesh Rao	Laxmanchanda	7601	3	Yes	9490619431
188	Telangana	001	Adilabad	Nirmal	003	Nirmal	Laxmanchanda	188	Laxmanchanda	Mandal Parishad Upper Primary School Kanakapur, Laxmanchanda Mandal	In Line	Yes	Partial	19.011900	78.341100	Rajesh Rao	Laxmanchanda	7601	4	Yes	9490619431
189	Telangana	001	Adilabad	Nirmal	003	Nirmal	Laxmanchanda	189	Laxmanchanda	Mandal Parishad Upper Primary School Kanakapur	In Line	Yes	Partial	19.015600	78.346400	Laxman	Laxmanchanda	7601	1	Yes	9490619431
190	Telangana	001	Adilabad	Nirmal	003	Nirmal	Laxmanchanda	190	Laxmanchanda	Mandal Parishad Upper Primary School Kanakapur, Laxmanchanda	In Line	Yes	Partial	19.019300	78.301700	Laxman	Laxmanchanda	7601	2	Yes	9490619431
191	Telangana	001	Adilabad	Nirmal	003	Nirmal	Laxmanchanda	191	Laxmanchanda	Mandal Parishad Upper Primary School Kanakapur	In Line	Yes	Partial	19.023000	78.307000	Laxman	Laxmanchanda	7601	3	Yes	9490619431
192	Telangana	001	Adilabad	Nirmal	003	Nirmal	Laxmanchanda	192	Laxmanchanda	Mandal Parishad Primary School Laxmanchanda	In Line	Yes	Partial	19.026700	78.312300	Laxman	Laxmanchanda	7601	4	Yes	9490619431
193	Telangana	001	Adilabad	Nirmal	003	Nirmal	Laxmanchanda	193	Laxmanchanda	Zilla Parishad High School Laxmanchanda	In Line	Yes	Partial	19.030400	78.317600	Ravinder	Laxmanchanda	7601	1	Yes	9490619431
194	Telangana	001	Adilabad	Nirmal	003	Nirmal	Laxmanchanda	194	Laxmanchanda	Mandal Parishad Primary School Laxmanchanda, Laxmanchanda Mandal	In Line	Yes	Partial	19.034100	78.322900	Ravinder	Laxmanchanda	7601	2	Yes	9490619431
195	Telangana	001	Adilabad	Nirmal	003	Nirmal	Laxmanchanda	195	Laxmanchanda	Zilla Parishad High School Laxmanchanda	In Line	Yes	Partial	19.037800	78.328200	Ravinder	Laxmanchanda	7601	3	Yes	9490619431
196	Telangana	001	Adilabad	Nirmal	003	Nirmal	Laxmanchanda	196	Laxmanchanda	Mandal Parishad Primary School Chinthalchanda, Laxmanchanda	In Line	Yes	Partial	19.001500	78.333500	Ravinder	Laxmanchanda	7601	4	Yes	9490619431
197	Telangana	001	Adilabad	Nirmal	003	Nirmal	Laxmanchanda	197	Laxmanchanda	Mandal Parishad Primary School Chinthalchanda, Laxmanchanda	In Line	Yes	Partial	19.005200	78.338800	Mahesh	Laxmanchanda	7601	1	Yes	9490619431
198	Telangana	001	Adilabad	Nirmal	003	Nirmal	Laxmanchanda	198	Laxmanchanda	Zilla Parishad High School Dharmaram	In Line	Yes	Partial	19.008900	78.344100	Mahesh	Laxmanchanda	7601	2	Yes	9490619431
199	Telangana	001	Adilabad	Nirmal	003	Nirmal	Laxmanchanda	199	Laxmanchanda	Mandal Parishad Primary School Potpally, Laxmanchanda Mandal	In Line	Yes	Partial	19.012600	78.349400	Mahesh	Laxmanchanda	7601	3	Yes	9490619431
200	Telangana	001	Adilabad	Nirmal	003	Nirmal	Laxmanchanda	200	Laxmanchanda	Mandal Parishad Primary School Potpally, Laxmanchanda Mandal	In Line	Yes	Partial	19.016300	78.304700	Mahesh	Laxmanchanda	7601	4	Yes	9490619431
201	Telangana	001	Adilabad	Nirmal	003	Nirmal	Laxmanchanda	201	Laxmanchanda	Mandal Parishad Primary School Potpally	In Line	Yes	Partial	19.020000	78.310000	Srinivas	Laxmanchanda	7601	1	Yes	9490619431
202	Telangana	001	Adilabad	Nirmal	003	Nirmal	Laxmanchanda	202	Laxmanchanda	Mandal Parishad Primary School Potpally	In Line	Yes	Partial	19.023700	78.315300	Srinivas	Laxmanchanda	7601	2	Yes	9490619431
203	Telangana	001	Adilabad	Nirmal	003	Nirmal	Laxmanchanda	203	Laxmanchanda	Mandal Parishad Upper Primary School Kanakapur, Laxmanchanda Mandal	In Line	Yes	Partial	19.027400	78.320600	Srinivas	Laxmanchanda	7601	3	Yes	9490619431
204	Telangana	001	Adilabad	Nirmal	003	Nirmal	Laxmanchanda	204	Laxmanchanda	Mandal Parishad Upper Primary School Kanakapur	In Line	Yes	Partial	19.031100	78.325900	Srinivas	Laxmanchanda	7601	4	Yes	9490619431
205	Telangana	001	Adilabad	Nirmal	003	Nirmal	Laxmanchanda	205	Laxmanchanda	Mandal Parishad Upper Primary School Kanakapur, Laxmanchanda	In Line	Yes	Partial	19.034800	78.331200	Raju	Laxmanchanda	7601	1	Yes	9490619431
206	Telangana	001	Adilabad	Nirmal	003	Nirmal	Laxmanchanda	206	Laxmanchanda	Mandal Parishad Upper Primary School Kanakapur	In Line	Yes	Partial	19.038500	78.336500	Raju	Laxmanchanda	7601	2	Yes	9490619431
207	Telangana	001	Adilabad	Nirmal	003	Nirmal	Laxmanchanda	207	Laxmanchanda	Mandal Parishad Primary School Laxmanchanda	In Line	Yes	Partial	19.002200	78.341800	Raju	Laxmanchanda	7601	3	Yes	9490619431
208	Telangana	001	Adilabad	Nirmal	003	Nirmal	Laxmanchanda	208	Laxmanchanda	Zilla Parishad High School Laxmanchanda	In Line	Yes	Partial	19.005900	78.347100	Raju	Laxmanchanda	7601	4	Yes	9490619431
209	Telangana	001	Adilabad	Nirmal	003	Nirmal	Laxmanchanda	209	Laxmanchanda	Mandal Parishad Primary School Laxmanchanda, Laxmanchanda Mandal	In Line	Yes	Partial	19.009600	78.302400	Naresh	Laxmanchanda	7601	1	Yes	9490619431
210	Telangana	001	Adilabad	Nirmal	003	Nirmal	Laxmanchanda	210	Laxmanchanda	Zilla Parishad High School Laxmanchanda	In Line	Yes	Partial	19.013300	78.307700	Naresh	Laxmanchanda	7601	2	Yes	9490619431
